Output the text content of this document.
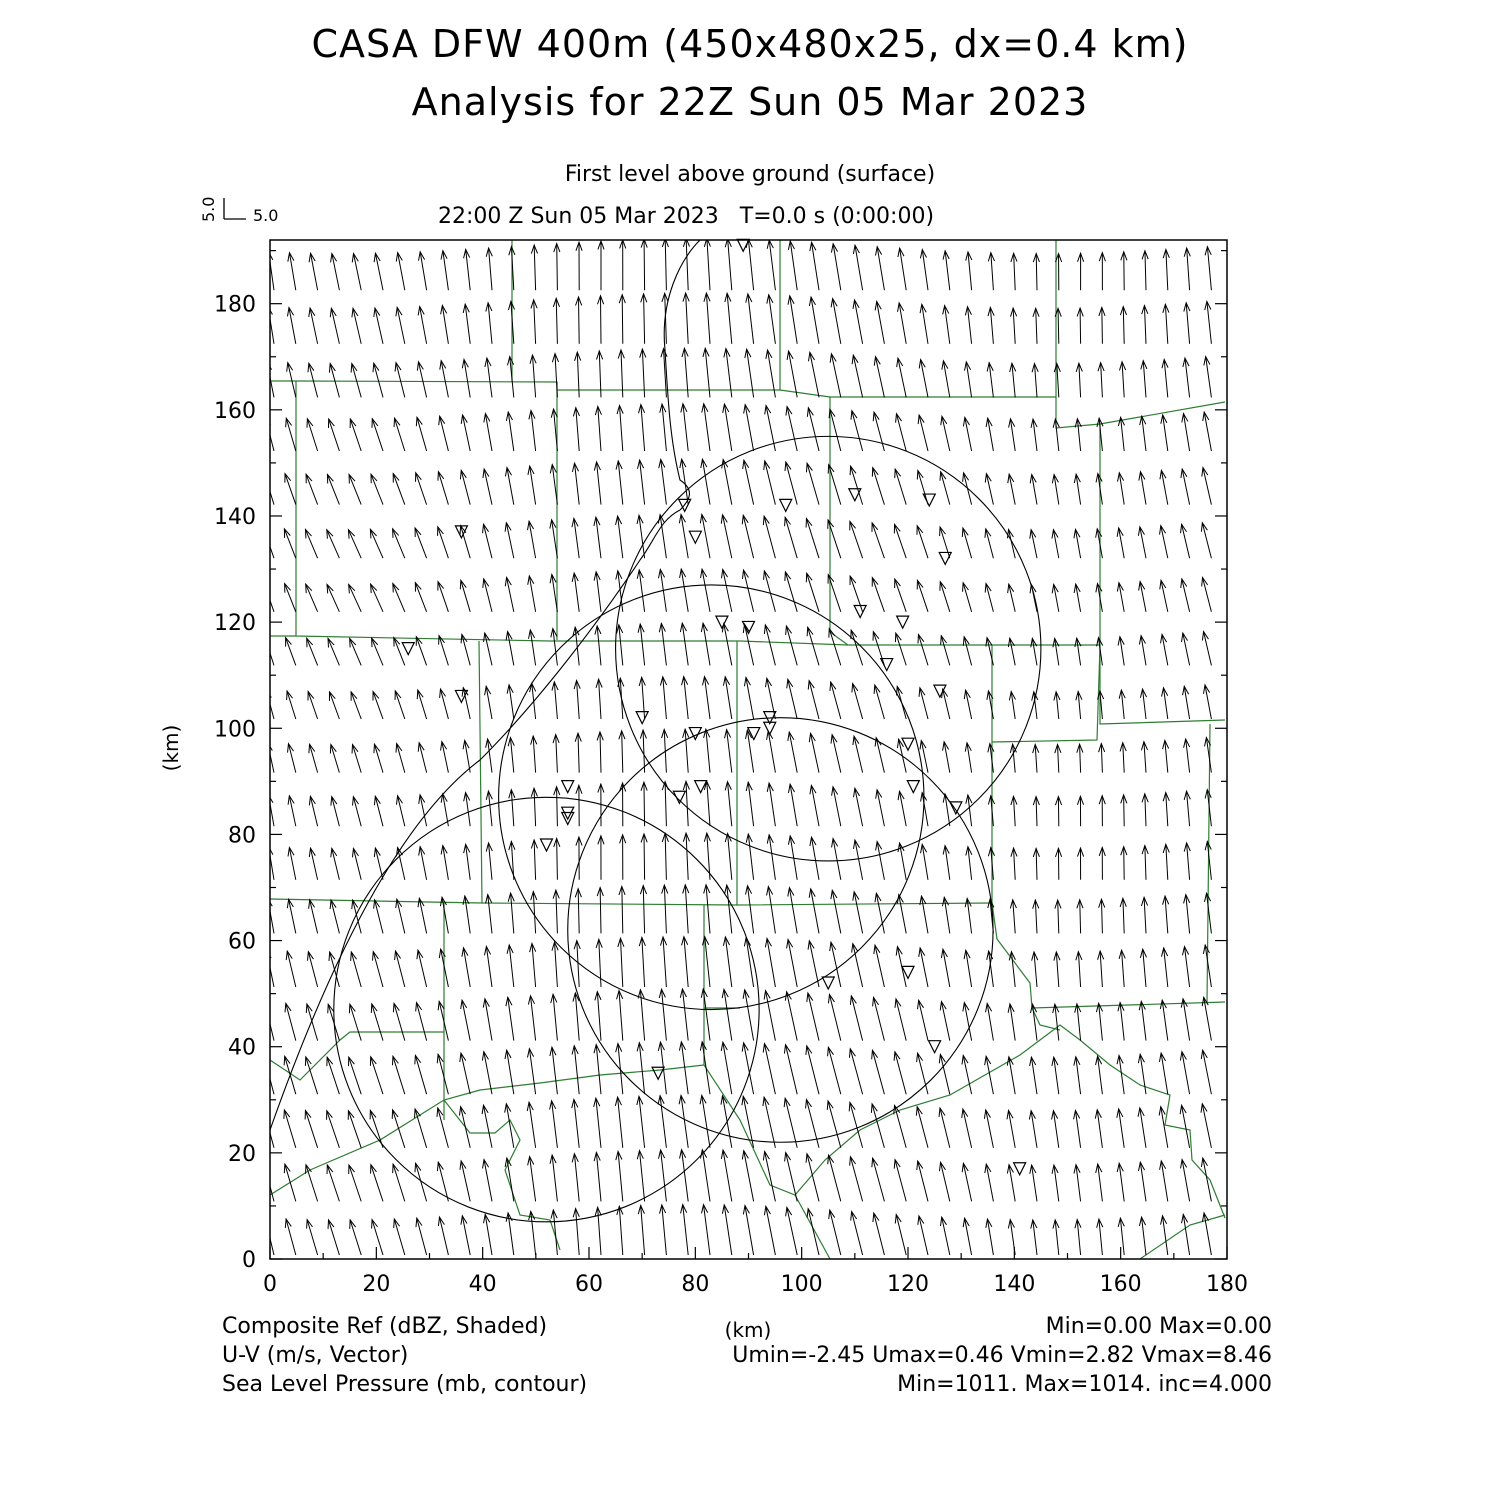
CASA DFW 400m (450x480x25, dx=0.4 km)
Analysis for 22Z Sun 05 Mar 2023
First level above ground (surface)
22:00 Z Sun 05 Mar 2023   T=0.0 s (0:00:00)
5.0
5.0
0	20	40	60	80	100	120	140	160	180
0
20
40
60
80
100
120
140
160
180
(km)
(km)
Composite Ref (dBZ, Shaded)	Min=0.00 Max=0.00
U-V (m/s, Vector)	Umin=-2.45 Umax=0.46 Vmin=2.82 Vmax=8.46
Sea Level Pressure (mb, contour)	Min=1011. Max=1014. inc=4.000
